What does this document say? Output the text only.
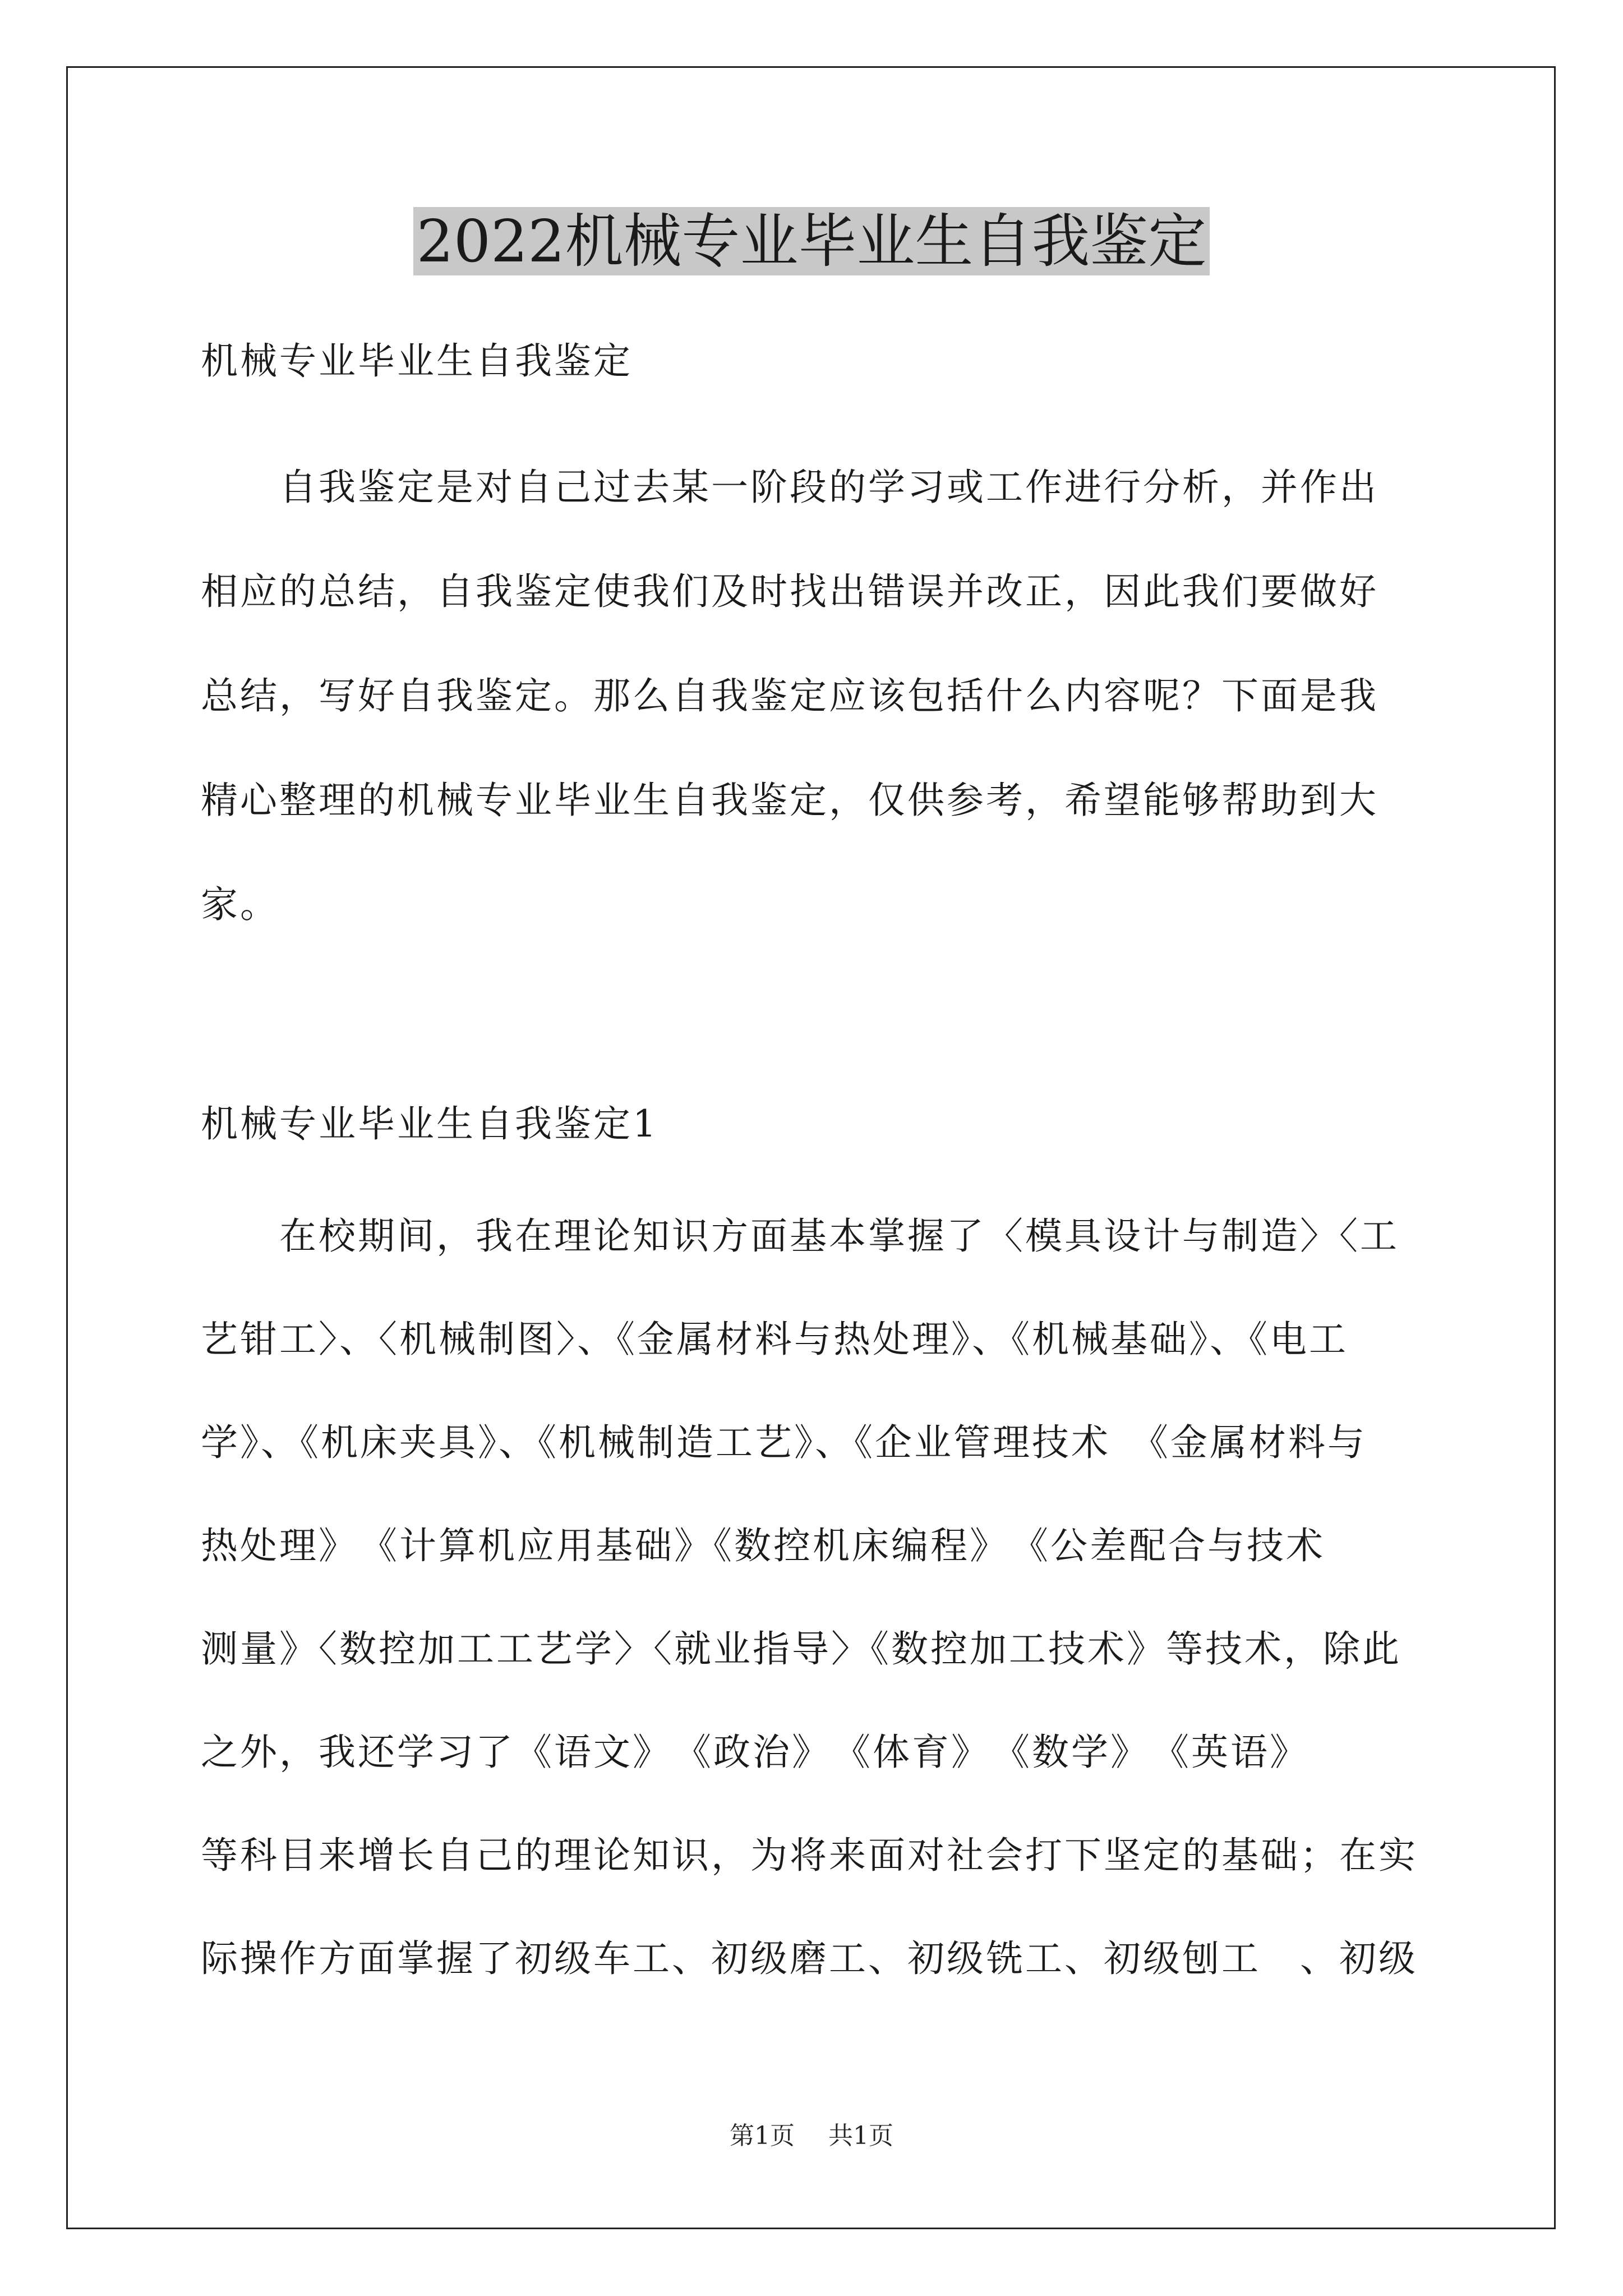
2022机械专业毕业生自我鉴定
机械专业毕业生自我鉴定
　　自我鉴定是对自己过去某一阶段的学习或工作进行分析，并作出
相应的总结，自我鉴定使我们及时找出错误并改正，因此我们要做好
总结，写好自我鉴定。那么自我鉴定应该包括什么内容呢？下面是我
精心整理的机械专业毕业生自我鉴定，仅供参考，希望能够帮助到大
家。
机械专业毕业生自我鉴定1
　　在校期间，我在理论知识方面基本掌握了〈模具设计与制造〉〈工
艺钳工〉、〈机械制图〉、《金属材料与热处理》、《机械基础》、《电工
学》、《机床夹具》、《机械制造工艺》、《企业管理技术　《金属材料与
热处理》　《计算机应用基础》《数控机床编程》　《公差配合与技术
测量》〈数控加工工艺学〉〈就业指导〉《数控加工技术》等技术，除此
之外，我还学习了《语文》　《政治》　《体育》　《数学》　《英语》
等科目来增长自己的理论知识，为将来面对社会打下坚定的基础；在实
际操作方面掌握了初级车工、初级磨工、初级铣工、初级刨工　、初级
第1页 共1页
